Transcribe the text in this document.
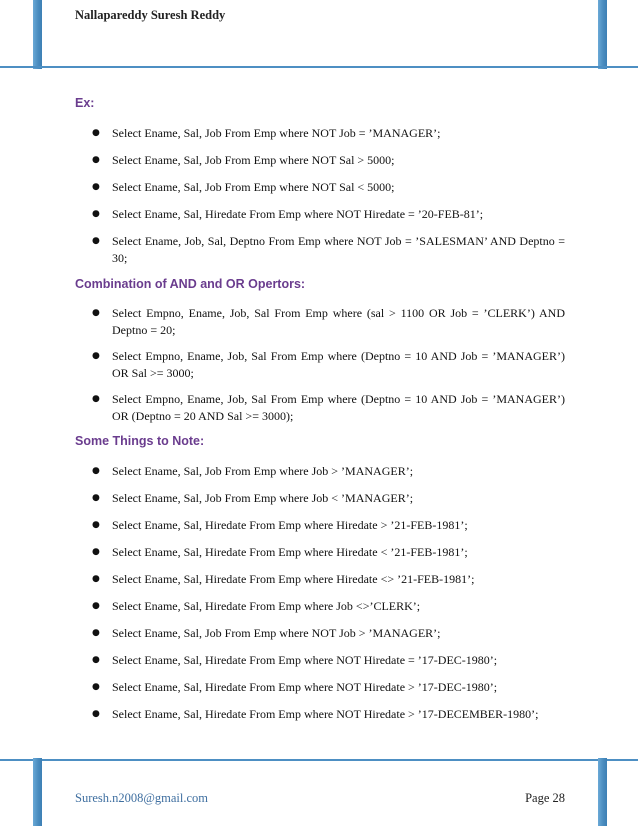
Nallapareddy Suresh Reddy
Ex:
● Select Ename, Sal, Job From Emp where NOT Job = ’MANAGER’;
● Select Ename, Sal, Job From Emp where NOT Sal > 5000;
● Select Ename, Sal, Job From Emp where NOT Sal < 5000;
● Select Ename, Sal, Hiredate From Emp where NOT Hiredate = ’20-FEB-81’;
● Select Ename, Job, Sal, Deptno From Emp where NOT Job = ’SALESMAN’ AND Deptno = 30;
Combination of AND and OR Opertors:
● Select Empno, Ename, Job, Sal From Emp where (sal > 1100 OR Job = ’CLERK’) AND Deptno = 20;
● Select Empno, Ename, Job, Sal From Emp where (Deptno = 10 AND Job = ’MANAGER’) OR Sal >= 3000;
● Select Empno, Ename, Job, Sal From Emp where (Deptno = 10 AND Job = ’MANAGER’) OR (Deptno = 20 AND Sal >= 3000);
Some Things to Note:
● Select Ename, Sal, Job From Emp where Job > ’MANAGER’;
● Select Ename, Sal, Job From Emp where Job < ’MANAGER’;
● Select Ename, Sal, Hiredate From Emp where Hiredate > ’21-FEB-1981’;
● Select Ename, Sal, Hiredate From Emp where Hiredate < ’21-FEB-1981’;
● Select Ename, Sal, Hiredate From Emp where Hiredate <> ’21-FEB-1981’;
● Select Ename, Sal, Hiredate From Emp where Job <>’CLERK’;
● Select Ename, Sal, Job From Emp where NOT Job > ’MANAGER’;
● Select Ename, Sal, Hiredate From Emp where NOT Hiredate = ’17-DEC-1980’;
● Select Ename, Sal, Hiredate From Emp where NOT Hiredate > ’17-DEC-1980’;
● Select Ename, Sal, Hiredate From Emp where NOT Hiredate > ’17-DECEMBER-1980’;
Suresh.n2008@gmail.com	Page 28
